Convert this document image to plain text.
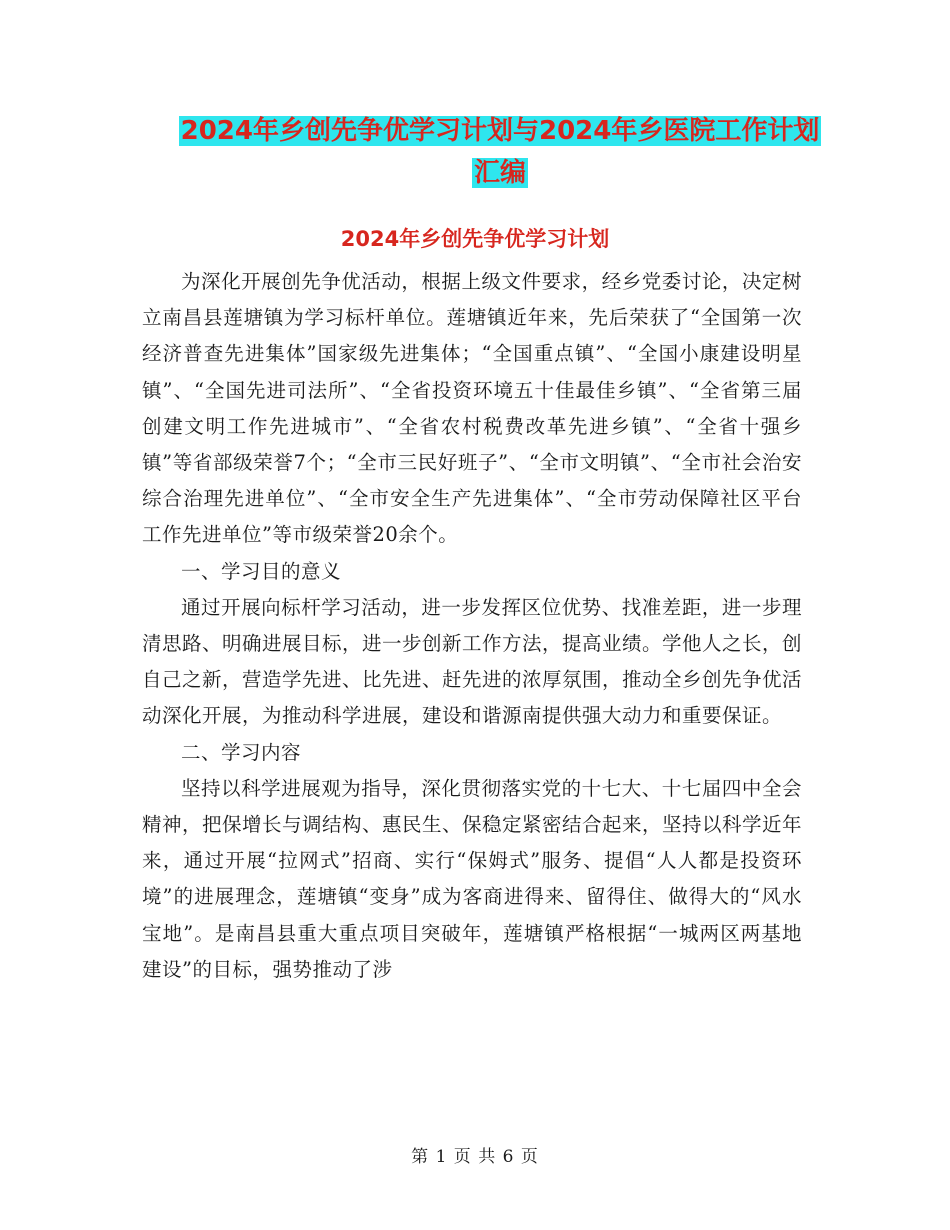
2024年乡创先争优学习计划与2024年乡医院工作计划
汇编
2024年乡创先争优学习计划

为深化开展创先争优活动，根据上级文件要求，经乡党委讨论，决定树立南昌县莲塘镇为学习标杆单位。莲塘镇近年来，先后荣获了“全国第一次经济普查先进集体”国家级先进集体；“全国重点镇”、“全国小康建设明星镇”、“全国先进司法所”、“全省投资环境五十佳最佳乡镇”、“全省第三届创建文明工作先进城市”、“全省农村税费改革先进乡镇”、“全省十强乡镇”等省部级荣誉7个；“全市三民好班子”、“全市文明镇”、“全市社会治安综合治理先进单位”、“全市安全生产先进集体”、“全市劳动保障社区平台工作先进单位”等市级荣誉20余个。

一、学习目的意义

通过开展向标杆学习活动，进一步发挥区位优势、找准差距，进一步理清思路、明确进展目标，进一步创新工作方法，提高业绩。学他人之长，创自己之新，营造学先进、比先进、赶先进的浓厚氛围，推动全乡创先争优活动深化开展，为推动科学进展，建设和谐源南提供强大动力和重要保证。

二、学习内容

坚持以科学进展观为指导，深化贯彻落实党的十七大、十七届四中全会精神，把保增长与调结构、惠民生、保稳定紧密结合起来，坚持以科学近年来，通过开展“拉网式”招商、实行“保姆式”服务、提倡“人人都是投资环境”的进展理念，莲塘镇“变身”成为客商进得来、留得住、做得大的“风水宝地”。是南昌县重大重点项目突破年，莲塘镇严格根据“一城两区两基地建设”的目标，强势推动了涉

第 1 页 共 6 页
